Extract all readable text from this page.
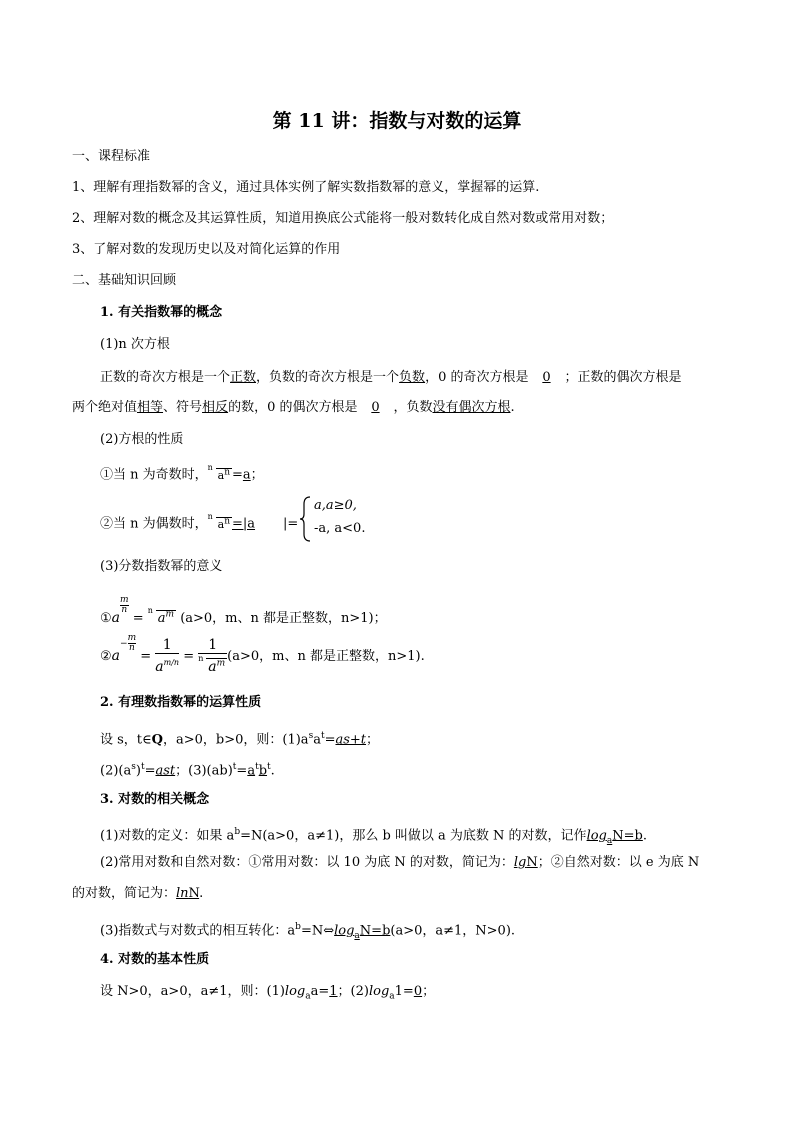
第 11 讲：指数与对数的运算
一、课程标准
1、理解有理指数幂的含义，通过具体实例了解实数指数幂的意义，掌握幂的运算.
2、理解对数的概念及其运算性质，知道用换底公式能将一般对数转化成自然对数或常用对数；
3、了解对数的发现历史以及对简化运算的作用
二、基础知识回顾
1. 有关指数幂的概念
(1)n 次方根
正数的奇次方根是一个正数，负数的奇次方根是一个负数，0 的奇次方根是 0 ；正数的偶次方根是
两个绝对值相等、符号相反的数，0 的偶次方根是 0 ，负数没有偶次方根.
(2)方根的性质
①当 n 为奇数时，
n
$a^n =a$；
②当 n 为偶数时，
n
$a^n =|a$ |=
a,a≥0,
-a, a<0.
(3)分数指数幂的意义
①a
$\frac{m}{n}$
=
n
$a^m$ (a>0，m、n 都是正整数，n>1)；
②a− $\frac{m}{n}$
= $\frac{1}{a^{m/n}} = 1$
n
$a^m$ (a>0，m、n 都是正整数，n>1).
2. 有理数指数幂的运算性质
设 s，t∈Q，a>0，b>0，则：$(1)a^sa^t=as+t$；
$(2)(a^s)^t=ast$；$(3)(ab)^t=a^tb^t$.
3. 对数的相关概念
(1)对数的定义：如果 $a^b=N(a>0$，a≠1)，那么 b 叫做以 a 为底数 N 的对数，记作$\log_aN=b$.
(2)常用对数和自然对数：①常用对数：以 10 为底 N 的对数，简记为：lgN；②自然对数：以 e 为底 N
的对数，简记为：lnN.
(3)指数式与对数式的相互转化：$a^b=N\Leftrightarrow\log_aN=b(a>0$，a≠1，N>0).
4. 对数的基本性质
设 N>0，a>0，a≠1，则：$(1)\log_aa=1$；$(2)\log_a1=0$；
